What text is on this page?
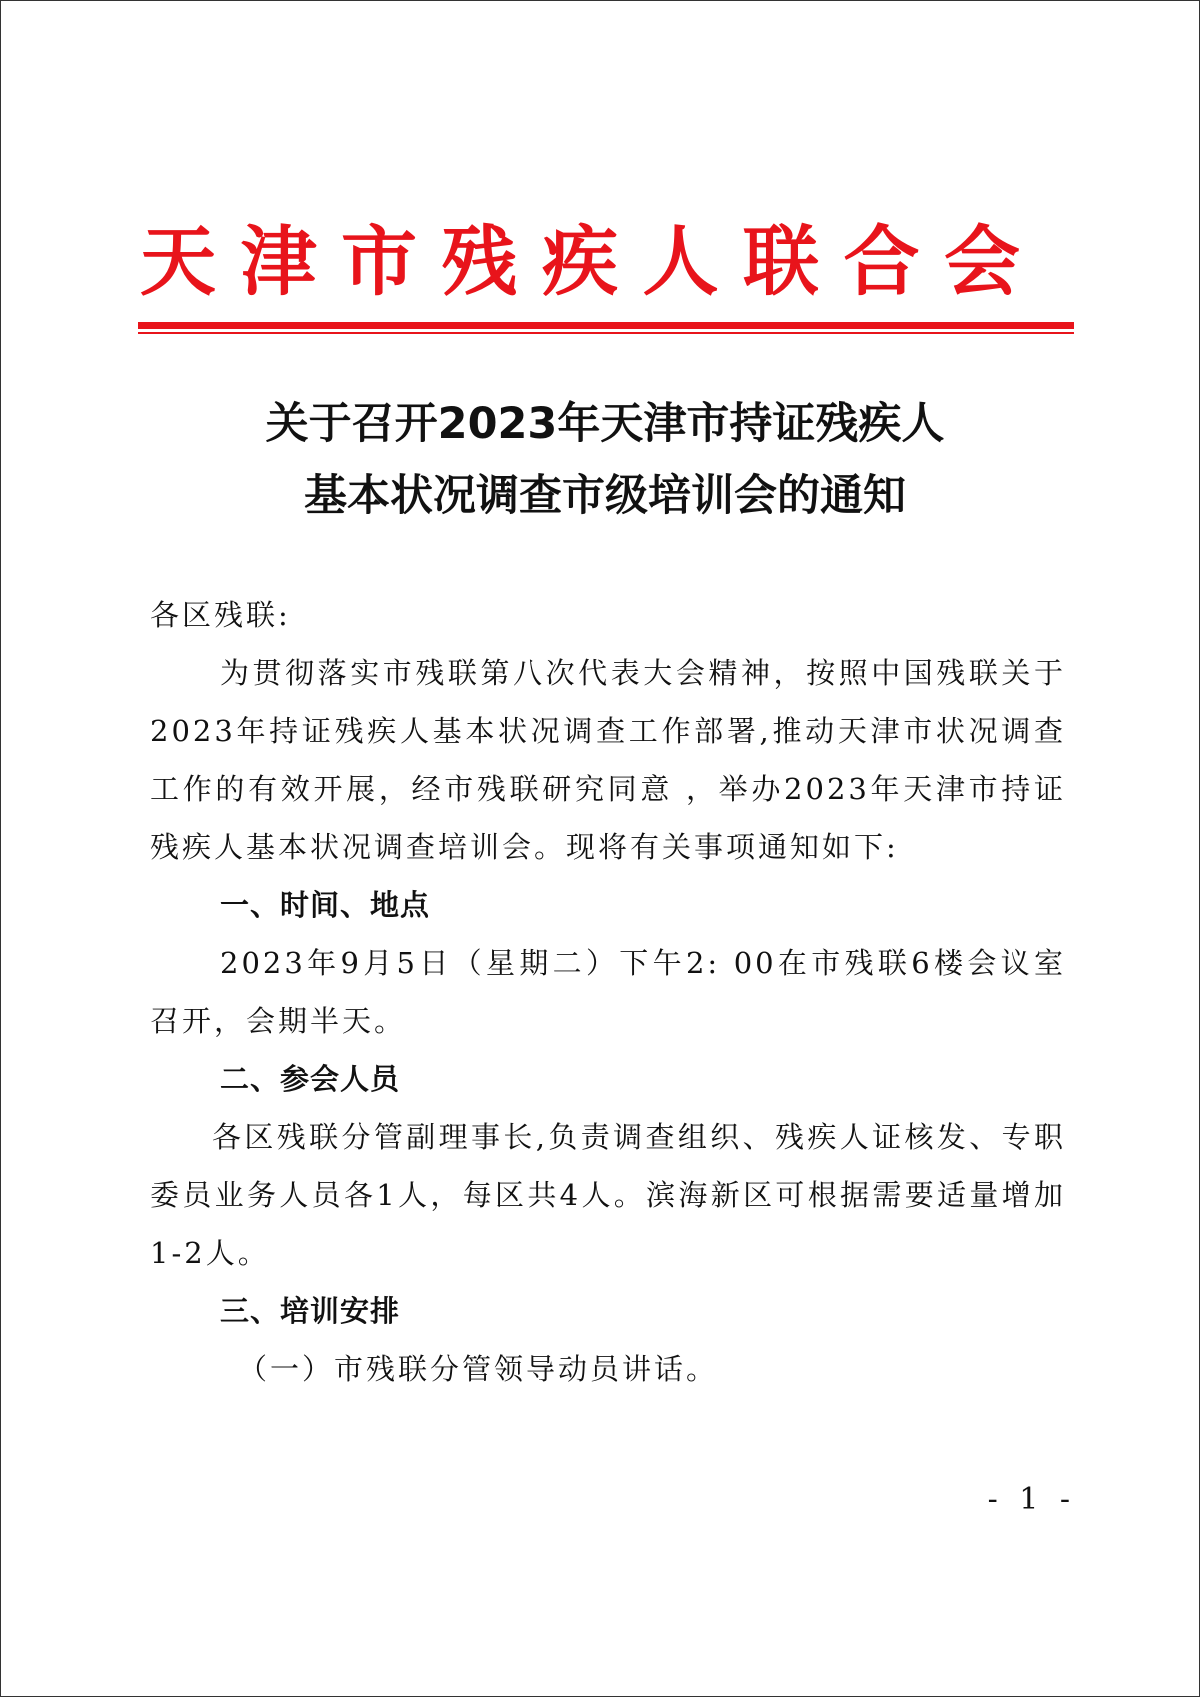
天 津 市 残 疾 人 联 合 会
关于召开2023年天津市持证残疾人
基本状况调查市级培训会的通知

各区残联:

为贯彻落实市残联第八次代表大会精神，按照中国残联关于2023年持证残疾人基本状况调查工作部署,推动天津市状况调查工作的有效开展，经市残联研究同意 ，举办2023年天津市持证残疾人基本状况调查培训会。现将有关事项通知如下:

一、时间、地点

2023年9月5日（星期二）下午2: 00在市残联6楼会议室召开，会期半天。

二、参会人员

各区残联分管副理事长,负责调查组织、残疾人证核发、专职委员业务人员各1人，每区共4人。滨海新区可根据需要适量增加1-2人。

三、培训安排

（一）市残联分管领导动员讲话。

- 1 -
